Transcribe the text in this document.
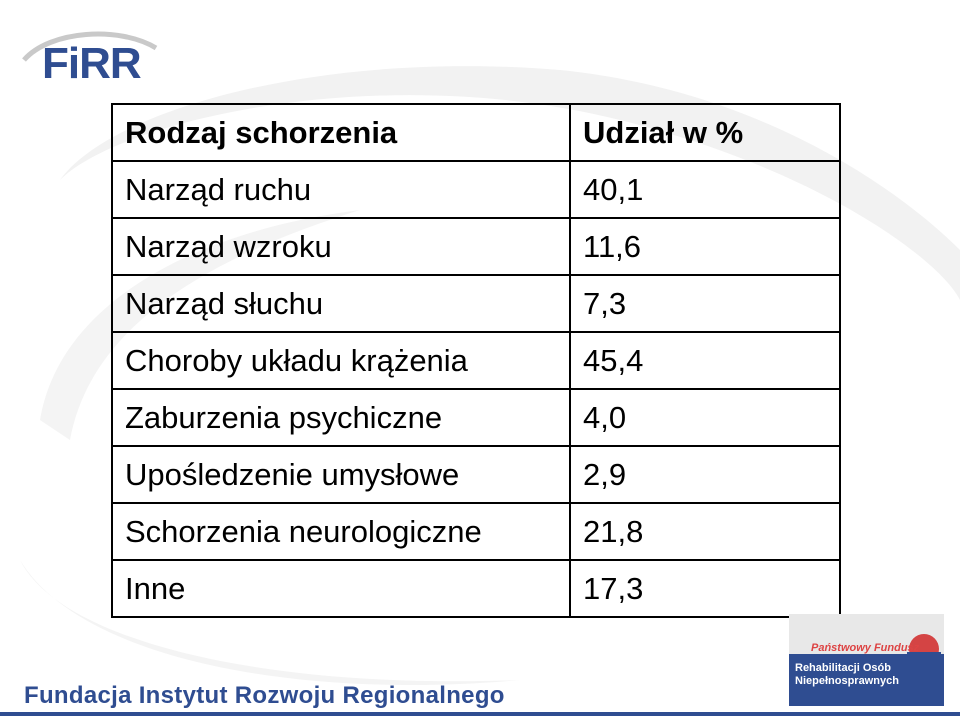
FiRR
Rodzaj schorzenia	Udział w %
Narząd ruchu	40,1
Narząd wzroku	11,6
Narząd słuchu	7,3
Choroby układu krążenia	45,4
Zaburzenia psychiczne	4,0
Upośledzenie umysłowe	2,9
Schorzenia neurologiczne	21,8
Inne	17,3
Fundacja Instytut Rozwoju Regionalnego
Państwowy Fundusz
Rehabilitacji Osób
Niepełnosprawnych
